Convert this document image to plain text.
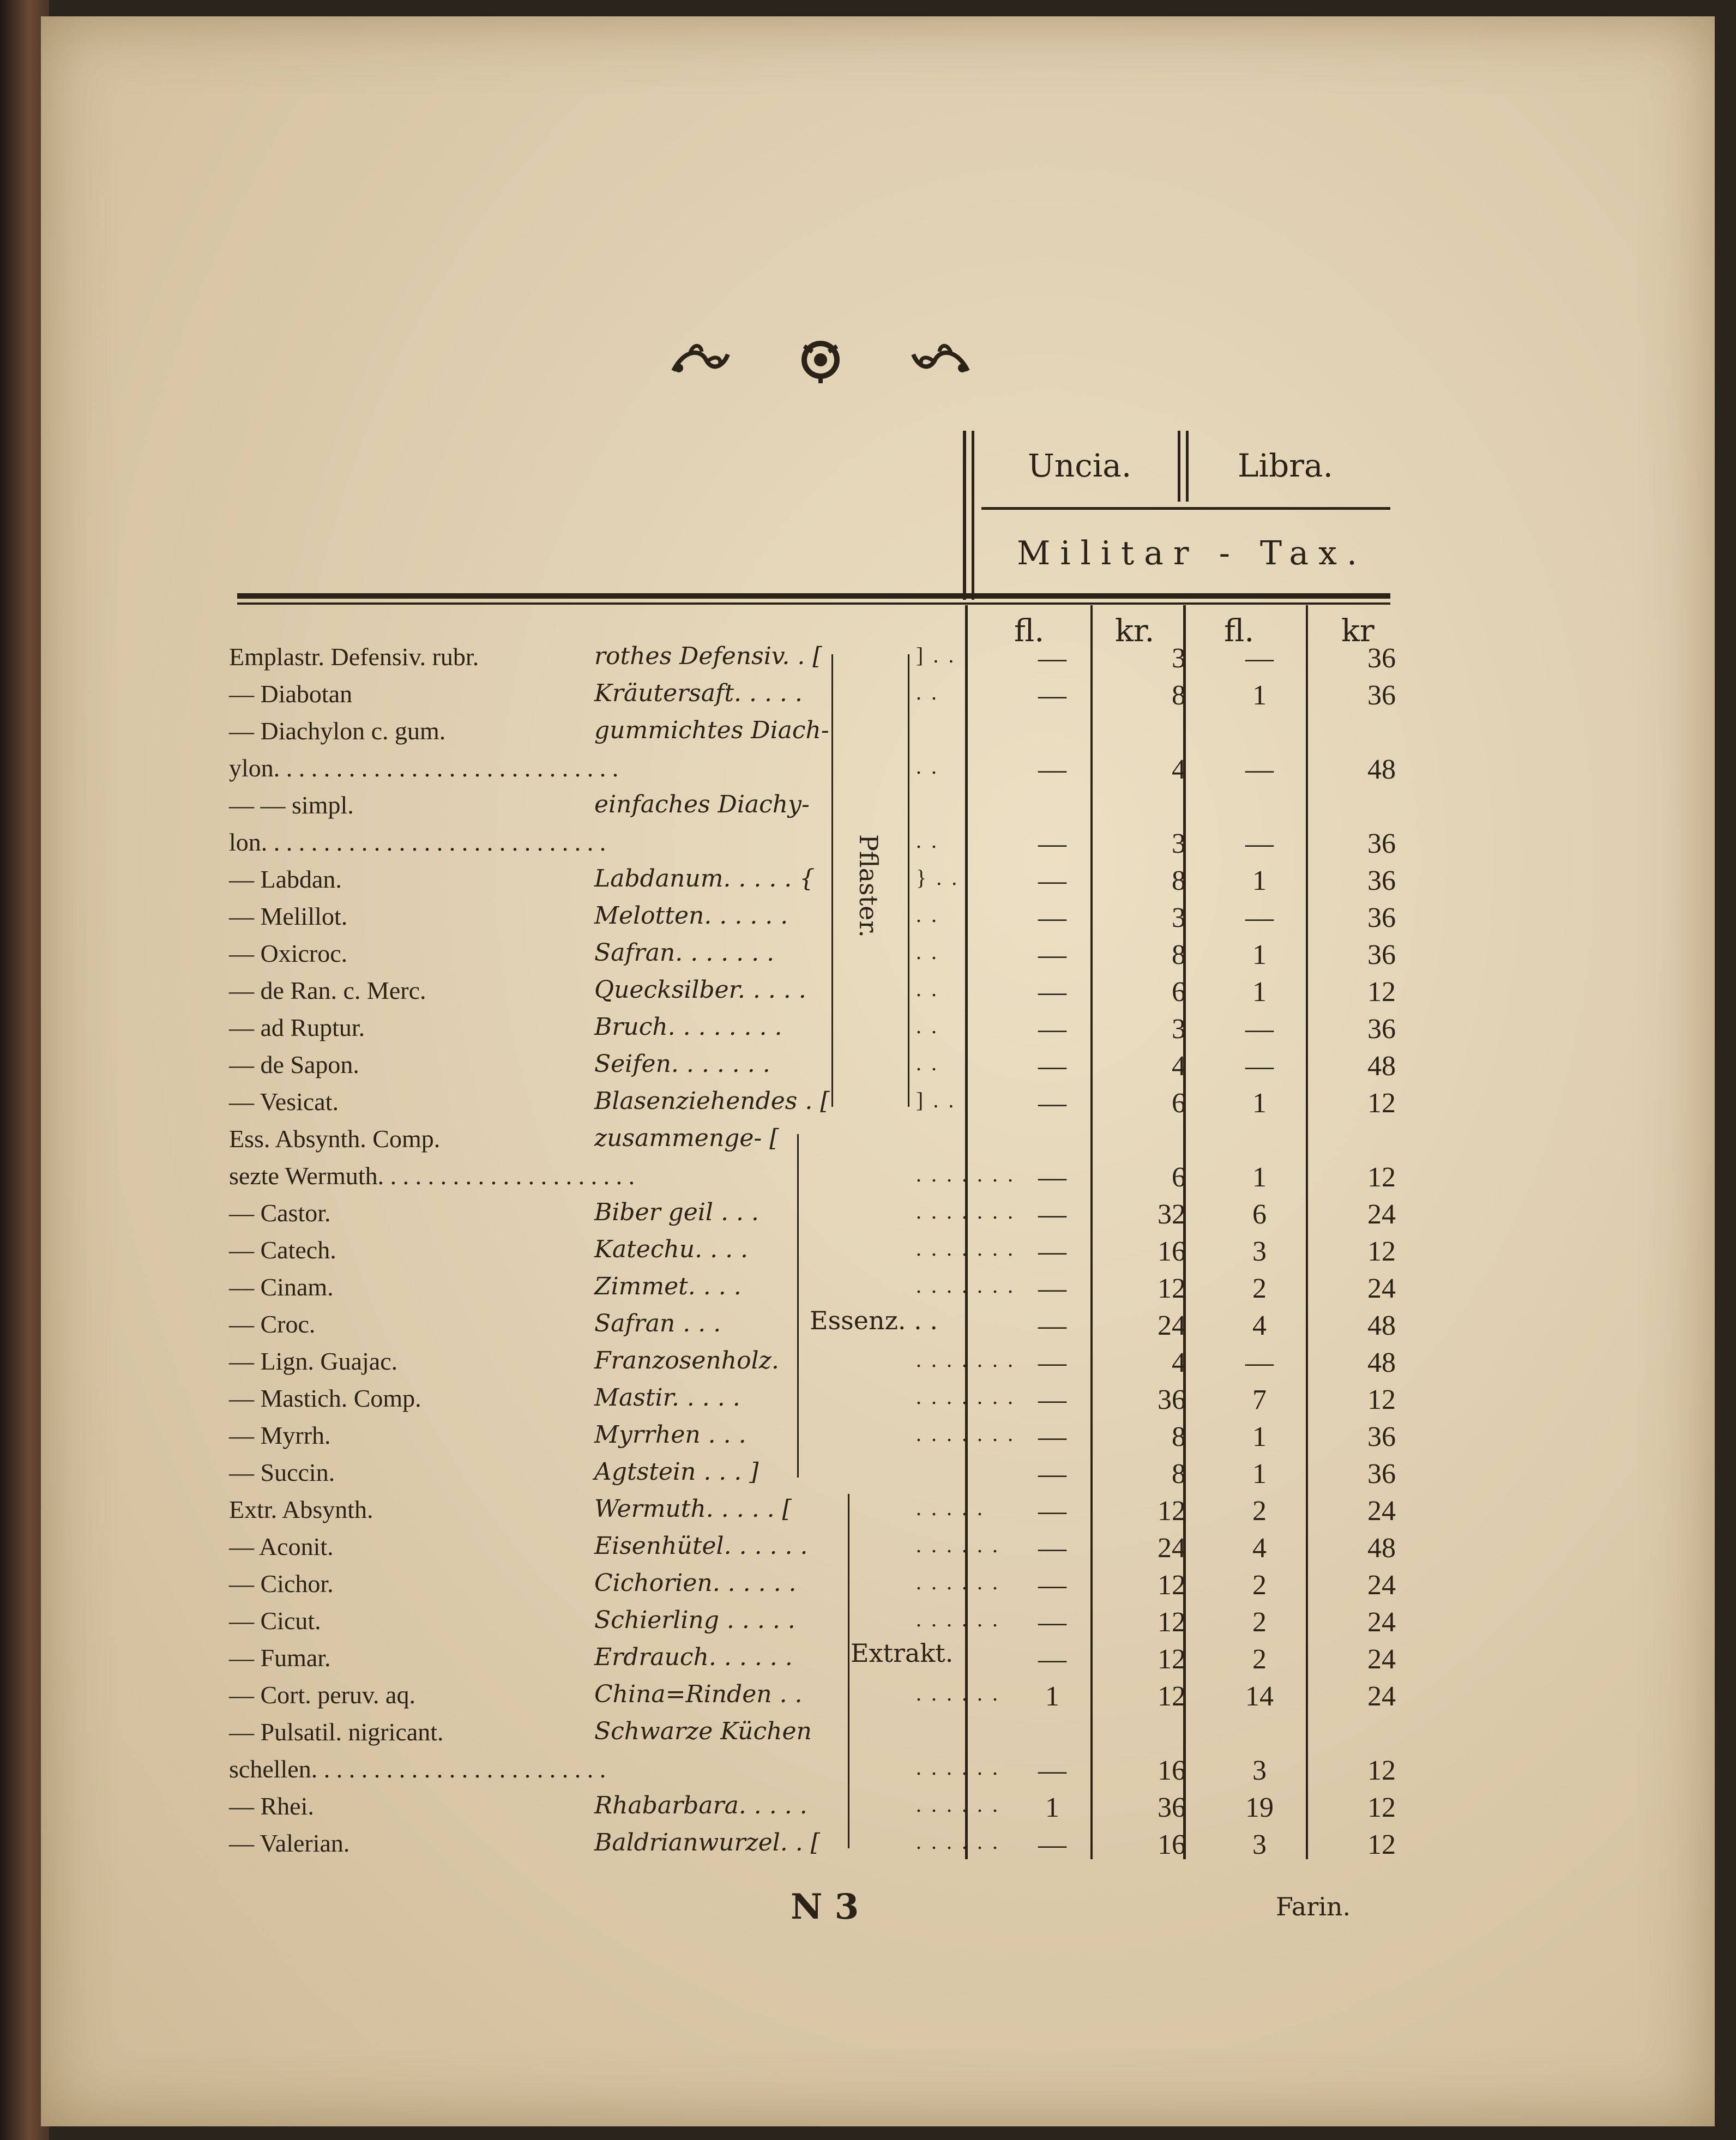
Uncia.	Libra.
Militar - Tax.
fl. kr. fl.	kr
Pflaster.
Essenz. . .
Extrakt.
Emplastr. Defensiv. rubr.	rothes Defensiv. . [	] . .	—	3	—	36
— Diabotan	Kräutersaft. . . . .	. .	—	8	1	36
— Diachylon c. gum.	gummichtes Diach-
ylon. . . . . . . . . . . . . . . . . . . . . . . . . . . .	. .	—	4	—	48
— — simpl.	einfaches Diachy-
lon. . . . . . . . . . . . . . . . . . . . . . . . . . . .	. .	—	3	—	36
— Labdan.	Labdanum. . . . . {	} . .	—	8	1	36
— Melillot.	Melotten. . . . . .	. .	—	3	—	36
— Oxicroc.	Safran. . . . . . .	. .	—	8	1	36
— de Ran. c. Merc.	Quecksilber. . . . .	. .	—	6	1	12
— ad Ruptur.	Bruch. . . . . . . .	. .	—	3	—	36
— de Sapon.	Seifen. . . . . . .	. .	—	4	—	48
— Vesicat.	Blasenziehendes . [	] . .	—	6	1	12
Ess. Absynth. Comp.	zusammenge- [
sezte Wermuth. . . . . . . . . . . . . . . . . . . . .	. . . . . . . —	6	1	12
— Castor.	Biber geil . . .	. . . . . . . —	32	6	24
— Catech.	Katechu. . . .	. . . . . . . —	16	3	12
— Cinam.	Zimmet. . . .	. . . . . . . —	12	2	24
— Croc.	Safran . . .	—	24	4	48
— Lign. Guajac.	Franzosenholz.	. . . . . . . —	4	—	48
— Mastich. Comp.	Mastir. . . . .	. . . . . . . —	36	7	12
— Myrrh.	Myrrhen . . .	. . . . . . . —	8	1	36
— Succin.	Agtstein . . . ]	—	8	1	36
Extr. Absynth.	Wermuth. . . . . [	. . . . .	—	12	2	24
— Aconit.	Eisenhütel. . . . . .	. . . . . .	—	24	4	48
— Cichor.	Cichorien. . . . . .	. . . . . .	—	12	2	24
— Cicut.	Schierling . . . . .	. . . . . .	—	12	2	24
— Fumar.	Erdrauch. . . . . .	—	12	2	24
— Cort. peruv. aq.	China=Rinden . .	. . . . . .	1	12	14	24
— Pulsatil. nigricant.	Schwarze Küchen
schellen. . . . . . . . . . . . . . . . . . . . . . . .	. . . . . .	—	16	3	12
— Rhei.	Rhabarbara. . . . .	. . . . . .	1	36	19	12
— Valerian.	Baldrianwurzel. . [	. . . . . .	—	16	3	12
N 3	Farin.
